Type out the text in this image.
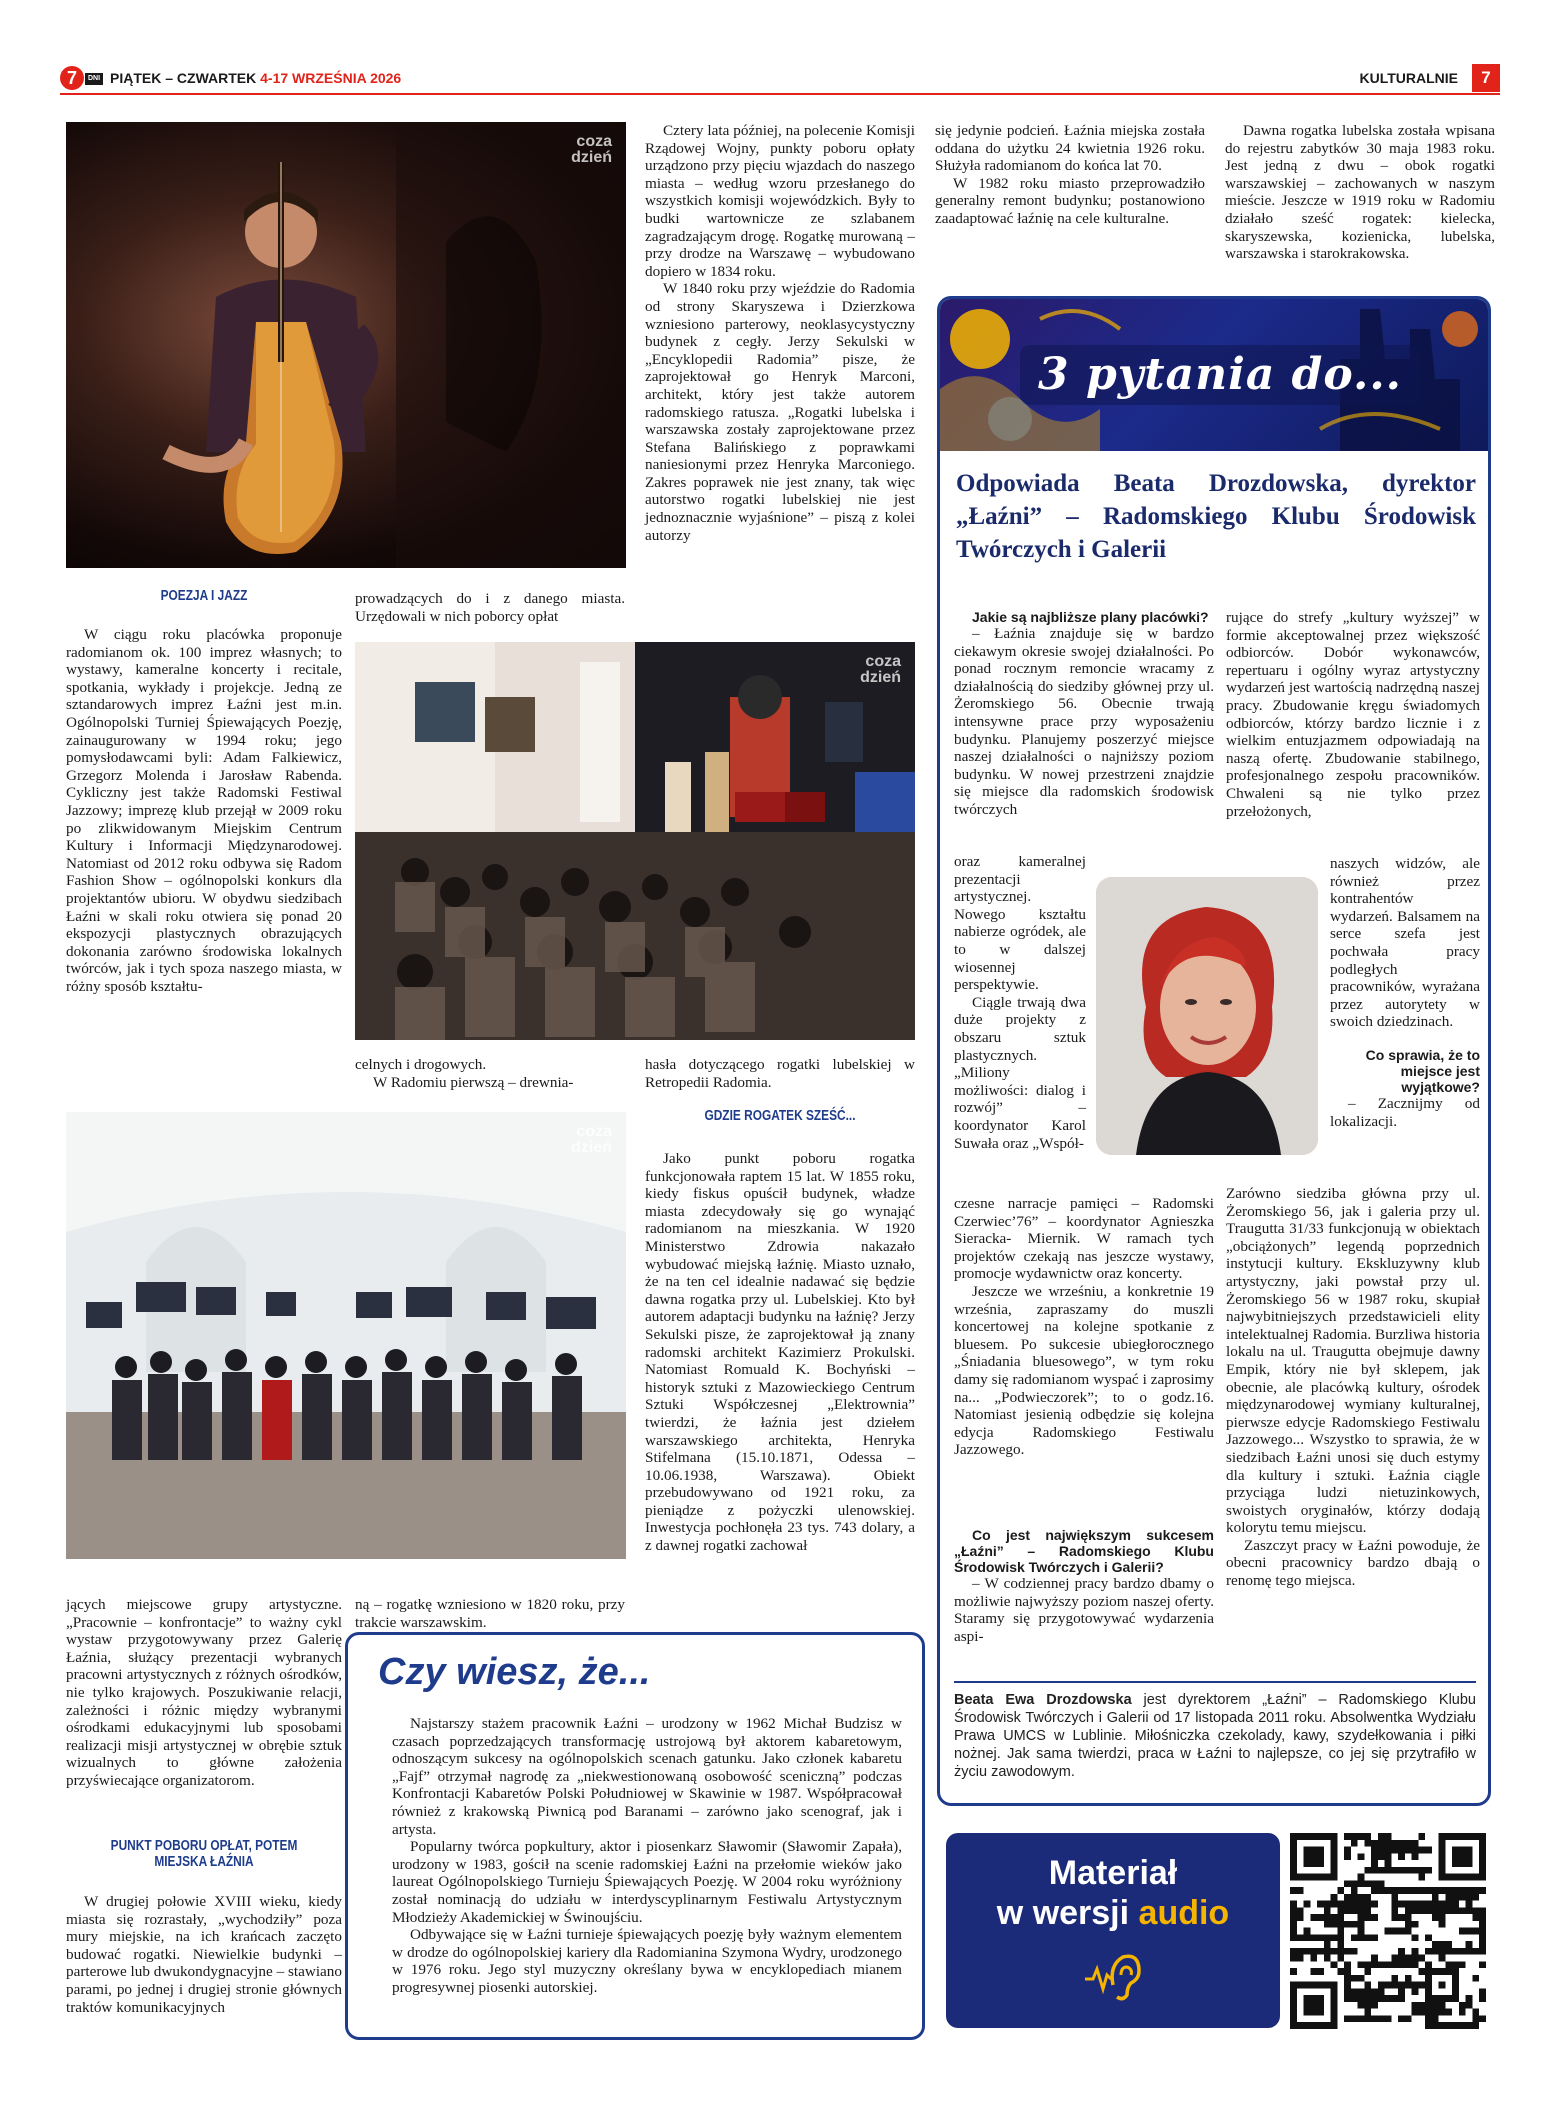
7	DNI PIĄTEK – CZWARTEK 4-17 WRZEŚNIA 2026	KULTURALNIE	7
coza dzień
coza dzień
coza dzień
POEZJA I JAZZ

W ciągu roku placówka proponuje radomianom ok. 100 imprez własnych; to wystawy, kameralne koncerty i recitale, spotkania, wykłady i projekcje. Jedną ze sztandarowych imprez Łaźni jest m.in. Ogólnopolski Turniej Śpiewających Poezję, zainaugurowany w 1994 roku; jego pomysłodawcami byli: Adam Falkiewicz, Grzegorz Molenda i Jarosław Rabenda. Cykliczny jest także Radomski Festiwal Jazzowy; imprezę klub przejął w 2009 roku po zlikwidowanym Miejskim Centrum Kultury i Informacji Międzynarodowej. Natomiast od 2012 roku odbywa się Radom Fashion Show – ogólnopolski konkurs dla projektantów ubioru. W obydwu siedzibach Łaźni w skali roku otwiera się ponad 20 ekspozycji plastycznych obrazujących dokonania zarówno środowiska lokalnych twórców, jak i tych spoza naszego miasta, w różny sposób kształtu-

jących miejscowe grupy artystyczne. „Pracownie – konfrontacje” to ważny cykl wystaw przygotowywany przez Galerię Łaźnia, służący prezentacji wybranych pracowni artystycznych z różnych ośrodków, nie tylko krajowych. Poszukiwanie relacji, zależności i różnic między wybranymi ośrodkami edukacyjnymi lub sposobami realizacji misji artystycznej w obrębie sztuk wizualnych to główne założenia przyświecające organizatorom.

PUNKT POBORU OPŁAT, POTEM MIEJSKA ŁAŹNIA

W drugiej połowie XVIII wieku, kiedy miasta się rozrastały, „wychodziły” poza mury miejskie, na ich krańcach zaczęto budować rogatki. Niewielkie budynki – parterowe lub dwukondygnacyjne – stawiano parami, po jednej i drugiej stronie głównych traktów komunikacyjnych

prowadzących do i z danego miasta. Urzędowali w nich poborcy opłat

celnych i drogowych.

W Radomiu pierwszą – drewnia-

ną – rogatkę wzniesiono w 1820 roku, przy trakcie warszawskim.

Cztery lata później, na polecenie Komisji Rządowej Wojny, punkty poboru opłaty urządzono przy pięciu wjazdach do naszego miasta – według wzoru przesłanego do wszystkich komisji wojewódzkich. Były to budki wartownicze ze szlabanem zagradzającym drogę. Rogatkę murowaną – przy drodze na Warszawę – wybudowano dopiero w 1834 roku.

W 1840 roku przy wjeździe do Radomia od strony Skaryszewa i Dzierzkowa wzniesiono parterowy, neoklasycystyczny budynek z cegły. Jerzy Sekulski w „Encyklopedii Radomia” pisze, że zaprojektował go Henryk Marconi, architekt, który jest także autorem radomskiego ratusza. „Rogatki lubelska i warszawska zostały zaprojektowane przez Stefana Balińskiego z poprawkami naniesionymi przez Henryka Marconiego. Zakres poprawek nie jest znany, tak więc autorstwo rogatki lubelskiej nie jest jednoznacznie wyjaśnione” – piszą z kolei autorzy

hasła dotyczącego rogatki lubelskiej w Retropedii Radomia.

GDZIE ROGATEK SZEŚĆ...

Jako punkt poboru rogatka funkcjonowała raptem 15 lat. W 1855 roku, kiedy fiskus opuścił budynek, władze miasta zdecydowały się go wynająć radomianom na mieszkania. W 1920 Ministerstwo Zdrowia nakazało wybudować miejską łaźnię. Miasto uznało, że na ten cel idealnie nadawać się będzie dawna rogatka przy ul. Lubelskiej. Kto był autorem adaptacji budynku na łaźnię? Jerzy Sekulski pisze, że zaprojektował ją znany radomski architekt Kazimierz Prokulski. Natomiast Romuald K. Bochyński – historyk sztuki z Mazowieckiego Centrum Sztuki Współczesnej „Elektrownia” twierdzi, że łaźnia jest dziełem warszawskiego architekta, Henryka Stifelmana (15.10.1871, Odessa – 10.06.1938, Warszawa). Obiekt przebudowywano od 1921 roku, za pieniądze z pożyczki ulenowskiej. Inwestycja pochłonęła 23 tys. 743 dolary, a z dawnej rogatki zachował

się jedynie podcień. Łaźnia miejska została oddana do użytku 24 kwietnia 1926 roku. Służyła radomianom do końca lat 70.

W 1982 roku miasto przeprowadziło generalny remont budynku; postanowiono zaadaptować łaźnię na cele kulturalne.

Dawna rogatka lubelska została wpisana do rejestru zabytków 30 maja 1983 roku. Jest jedną z dwu – obok rogatki warszawskiej – zachowanych w naszym mieście. Jeszcze w 1919 roku w Radomiu działało sześć rogatek: kielecka, skaryszewska, kozienicka, lubelska, warszawska i starokrakowska.

3 pytania do...
Odpowiada Beata Drozdowska, dyrektor „Łaźni” – Radomskiego Klubu Środowisk Twórczych i Galerii
Jakie są najbliższe plany placówki?

– Łaźnia znajduje się w bardzo ciekawym okresie swojej działalności. Po ponad rocznym remoncie wracamy z działalnością do siedziby głównej przy ul. Żeromskiego 56. Obecnie trwają intensywne prace przy wyposażeniu budynku. Planujemy poszerzyć miejsce naszej działalności o najniższy poziom budynku. W nowej przestrzeni znajdzie się miejsce dla radomskich środowisk twórczych

oraz kameralnej prezentacji artystycznej. Nowego kształtu nabierze ogródek, ale to w dalszej wiosennej perspektywie.

Ciągle trwają dwa duże projekty z obszaru sztuk plastycznych. „Miliony możliwości: dialog i rozwój” – koordynator Karol Suwała oraz „Współ-

czesne narracje pamięci – Radomski Czerwiec’76” – koordynator Agnieszka Sieracka- Miernik. W ramach tych projektów czekają nas jeszcze wystawy, promocje wydawnictw oraz koncerty.

Jeszcze we wrześniu, a konkretnie 19 września, zapraszamy do muszli koncertowej na kolejne spotkanie z bluesem. Po sukcesie ubiegłorocznego „Śniadania bluesowego”, w tym roku damy się radomianom wyspać i zaprosimy na... „Podwieczorek”; to o godz.16. Natomiast jesienią odbędzie się kolejna edycja Radomskiego Festiwalu Jazzowego.

Co jest największym sukcesem „Łaźni” – Radomskiego Klubu Środowisk Twórczych i Galerii?

– W codziennej pracy bardzo dbamy o możliwie najwyższy poziom naszej oferty. Staramy się przygotowywać wydarzenia aspi-

rujące do strefy „kultury wyższej” w formie akceptowalnej przez większość odbiorców. Dobór wykonawców, repertuaru i ogólny wyraz artystyczny wydarzeń jest wartością nadrzędną naszej pracy. Zbudowanie kręgu świadomych odbiorców, którzy bardzo licznie i z wielkim entuzjazmem odpowiadają na naszą ofertę. Zbudowanie stabilnego, profesjonalnego zespołu pracowników. Chwaleni są nie tylko przez przełożonych,

naszych widzów, ale również przez kontrahentów wydarzeń. Balsamem na serce szefa jest pochwała pracy podległych pracowników, wyrażana przez autorytety w swoich dziedzinach.

Co sprawia, że to miejsce jest wyjątkowe?

– Zacznijmy od lokalizacji.

Zarówno siedziba główna przy ul. Żeromskiego 56, jak i galeria przy ul. Traugutta 31/33 funkcjonują w obiektach „obciążonych” legendą poprzednich instytucji kultury. Ekskluzywny klub artystyczny, jaki powstał przy ul. Żeromskiego 56 w 1987 roku, skupiał najwybitniejszych przedstawicieli elity intelektualnej Radomia. Burzliwa historia lokalu na ul. Traugutta obejmuje dawny Empik, który nie był sklepem, jak obecnie, ale placówką kultury, ośrodek międzynarodowej wymiany kulturalnej, pierwsze edycje Radomskiego Festiwalu Jazzowego... Wszystko to sprawia, że w siedzibach Łaźni unosi się duch estymy dla kultury i sztuki. Łaźnia ciągle przyciąga ludzi nietuzinkowych, swoistych oryginałów, którzy dodają kolorytu temu miejscu.

Zaszczyt pracy w Łaźni powoduje, że obecni pracownicy bardzo dbają o renomę tego miejsca.

Beata Ewa Drozdowska jest dyrektorem „Łaźni” – Radomskiego Klubu Środowisk Twórczych i Galerii od 17 listopada 2011 roku. Absolwentka Wydziału Prawa UMCS w Lublinie. Miłośniczka czekolady, kawy, szydełkowania i piłki nożnej. Jak sama twierdzi, praca w Łaźni to najlepsze, co jej się przytrafiło w życiu zawodowym.
Czy wiesz, że...

Najstarszy stażem pracownik Łaźni – urodzony w 1962 Michał Budzisz w czasach poprzedzających transformację ustrojową był aktorem kabaretowym, odnoszącym sukcesy na ogólnopolskich scenach gatunku. Jako członek kabaretu „Fajf” otrzymał nagrodę za „niekwestionowaną osobowość sceniczną” podczas Konfrontacji Kabaretów Polski Południowej w Skawinie w 1987. Współpracował również z krakowską Piwnicą pod Baranami – zarówno jako scenograf, jak i artysta.

Popularny twórca popkultury, aktor i piosenkarz Sławomir (Sławomir Zapała), urodzony w 1983, gościł na scenie radomskiej Łaźni na przełomie wieków jako laureat Ogólnopolskiego Turnieju Śpiewających Poezję. W 2004 roku wyróżniony został nominacją do udziału w interdyscyplinarnym Festiwalu Artystycznym Młodzieży Akademickiej w Świnoujściu.

Odbywające się w Łaźni turnieje śpiewających poezję były ważnym elementem w drodze do ogólnopolskiej kariery dla Radomianina Szymona Wydry, urodzonego w 1976 roku. Jego styl muzyczny określany bywa w encyklopediach mianem progresywnej piosenki autorskiej.

Materiał
w wersji audio
